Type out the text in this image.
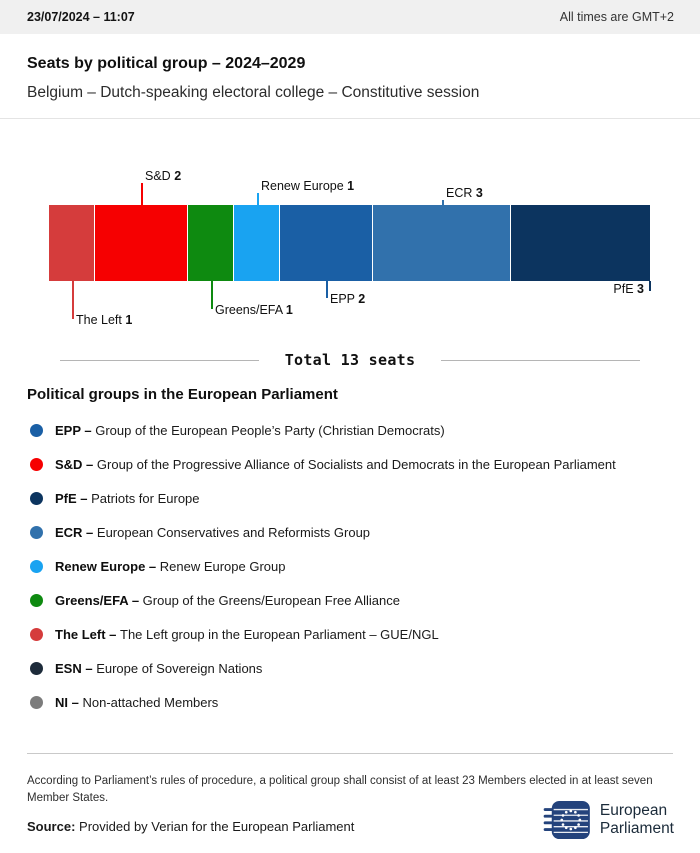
23/07/2024 – 11:07	All times are GMT+2
Seats by political group – 2024–2029

Belgium – Dutch-speaking electoral college – Constitutive session

The Left 1
S&D 2
Greens/EFA 1
Renew Europe 1
EPP 2
ECR 3
PfE 3
Total 13 seats
Political groups in the European Parliament
EPP – Group of the European People’s Party (Christian Democrats)
S&D – Group of the Progressive Alliance of Socialists and Democrats in the European Parliament
PfE – Patriots for Europe
ECR – European Conservatives and Reformists Group
Renew Europe – Renew Europe Group
Greens/EFA – Group of the Greens/European Free Alliance
The Left – The Left group in the European Parliament – GUE/NGL
ESN – Europe of Sovereign Nations
NI – Non-attached Members

According to Parliament’s rules of procedure, a political group shall consist of at least 23 Members elected in at least seven Member States.

Source: Provided by Verian for the European Parliament
European
Parliament
